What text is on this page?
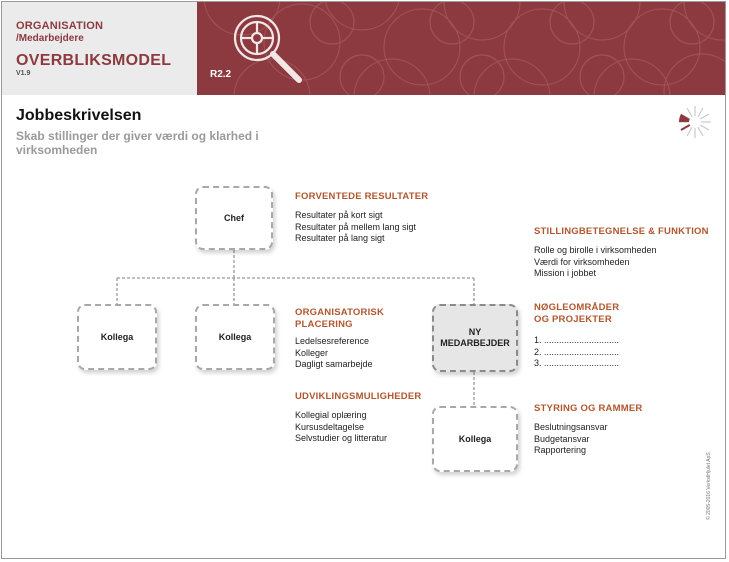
ORGANISATION
/Medarbejdere
OVERBLIKSMODEL
V1.9	R2.2
Jobbeskrivelsen
Skab stillinger der giver værdi og klarhed i virksomheden
Chef
Kollega	Kollega	NY
MEDARBEJDER
Kollega
FORVENTEDE RESULTATER
Resultater på kort sigt
Resultater på mellem lang sigt
Resultater på lang sigt
STILLINGBETEGNELSE & FUNKTION
Rolle og birolle i virksomheden
Værdi for virksomheden
Mission i jobbet
ORGANISATORISK
PLACERING
Ledelsesreference
Kolleger
Dagligt samarbejde
NØGLEOMRÅDER
OG PROJEKTER
1. ..............................
2. ..............................
3. ..............................
UDVIKLINGSMULIGHEDER
Kollegial oplæring
Kursusdeltagelse
Selvstudier og litteratur
STYRING OG RAMMER
Beslutningsansvar
Budgetansvar
Rapportering
© 2005-2016 VerkstHjulet ApS.
